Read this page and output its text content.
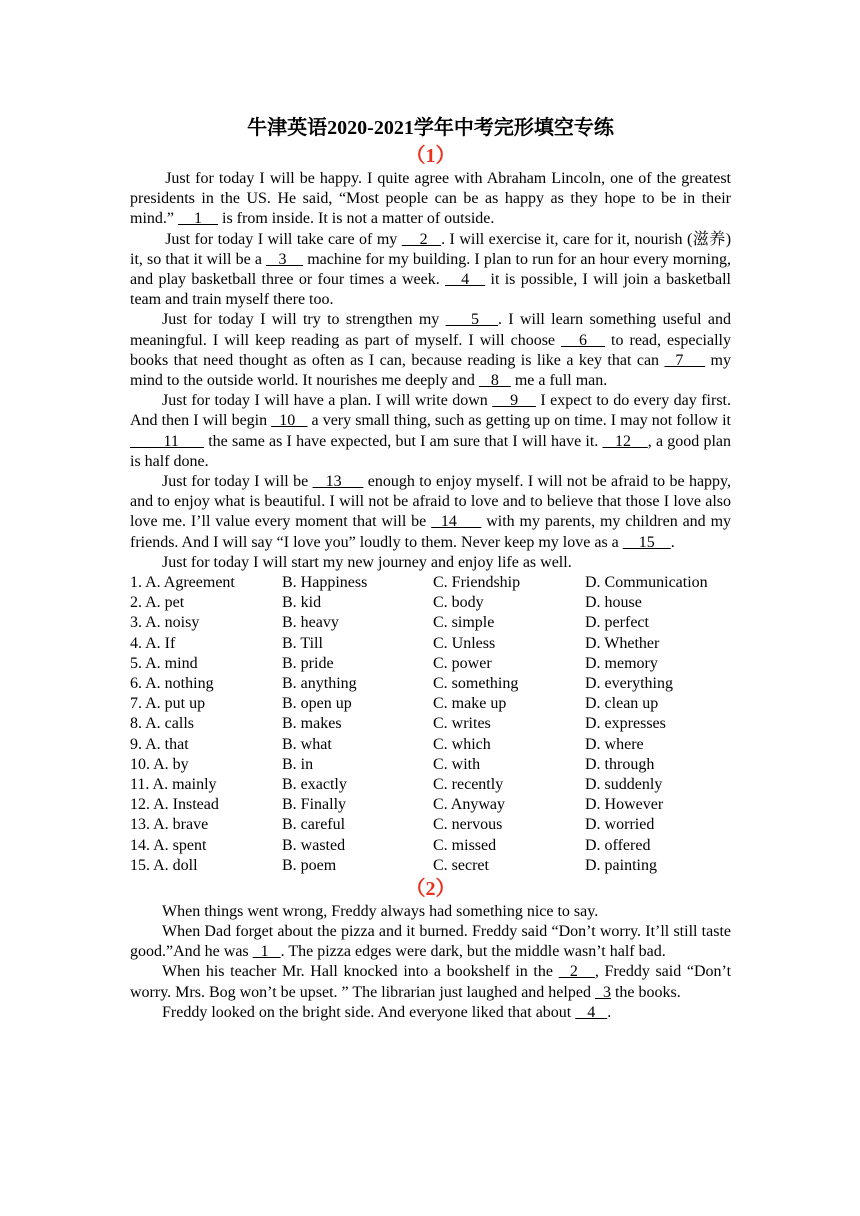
牛津英语2020-2021学年中考完形填空专练
（1）

Just for today I will be happy. I quite agree with Abraham Lincoln, one of the greatest presidents in the US. He said, “Most people can be as happy as they hope to be in their mind.”     1     is from inside. It is not a matter of outside.

Just for today I will take care of my     2   . I will exercise it, care for it, nourish (滋养) it, so that it will be a    3     machine for my building. I plan to run for an hour every morning, and play basketball three or four times a week.    4    it is possible, I will join a basketball team and train myself there too.

Just for today I will try to strengthen my     5   . I will learn something useful and meaningful. I will keep reading as part of myself. I will choose    6    to read, especially books that need thought as often as I can, because reading is like a key that can   7     my mind to the outside world. It nourishes me deeply and    8    me a full man.

Just for today I will have a plan. I will write down     9     I expect to do every day first. And then I will begin   10    a very small thing, such as getting up on time. I may not follow it         11       the same as I have expected, but I am sure that I will have it.    12    , a good plan is half done.

Just for today I will be    13      enough to enjoy myself. I will not be afraid to be happy, and to enjoy what is beautiful. I will not be afraid to love and to believe that those I love also love me. I’ll value every moment that will be   14      with my parents, my children and my friends. And I will say “I love you” loudly to them. Never keep my love as a     15    .

Just for today I will start my new journey and enjoy life as well.

1. A. Agreement	B. Happiness	C. Friendship	D. Communication
2. A. pet	B. kid	C. body	D. house
3. A. noisy	B. heavy	C. simple	D. perfect
4. A. If	B. Till	C. Unless	D. Whether
5. A. mind	B. pride	C. power	D. memory
6. A. nothing	B. anything	C. something	D. everything
7. A. put up	B. open up	C. make up	D. clean up
8. A. calls	B. makes	C. writes	D. expresses
9. A. that	B. what	C. which	D. where
10. A. by	B. in	C. with	D. through
11. A. mainly	B. exactly	C. recently	D. suddenly
12. A. Instead	B. Finally	C. Anyway	D. However
13. A. brave	B. careful	C. nervous	D. worried
14. A. spent	B. wasted	C. missed	D. offered
15. A. doll	B. poem	C. secret	D. painting
（2）

When things went wrong, Freddy always had something nice to say.

When Dad forget about the pizza and it burned. Freddy said “Don’t worry. It’ll still taste good.”And he was   1   . The pizza edges were dark, but the middle wasn’t half bad.

When his teacher Mr. Hall knocked into a bookshelf in the   2   , Freddy said “Don’t worry. Mrs. Bog won’t be upset. ” The librarian just laughed and helped   3 the books.

Freddy looked on the bright side. And everyone liked that about    4   .
